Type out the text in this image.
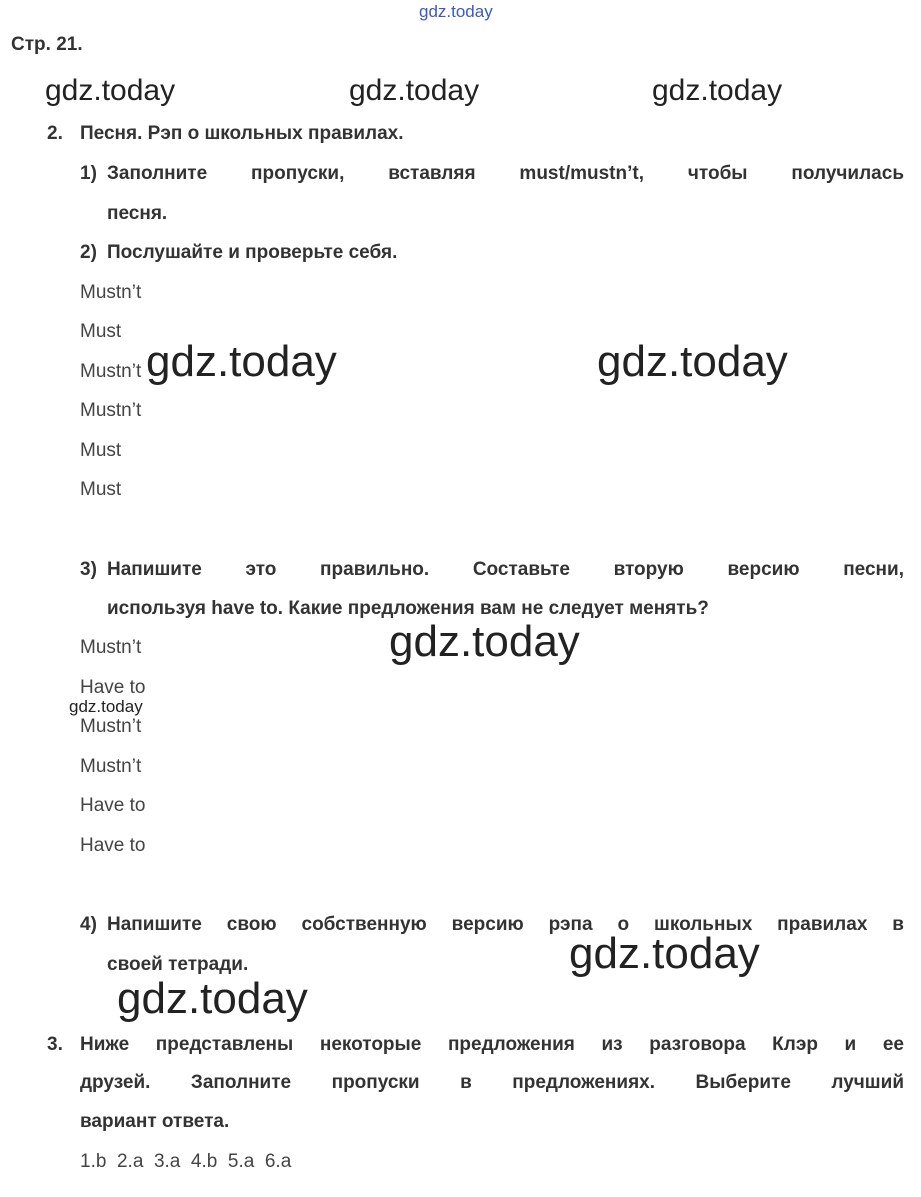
gdz.today
Стр. 21.
gdz.today	gdz.today	gdz.today
2. Песня. Рэп о школьных правилах.
1) Заполните пропуски, вставляя must/mustn’t, чтобы получилась
песня.
2) Послушайте и проверьте себя.
Mustn’t
Must
Mustn’t
Mustn’t
Must
Must
gdz.today	gdz.today
3) Напишите это правильно. Составьте вторую версию песни,
используя have to. Какие предложения вам не следует менять?
Mustn’t
Have to
Mustn’t
Mustn’t
Have to
Have to
gdz.today
gdz.today
4) Напишите свою собственную версию рэпа о школьных правилах в
своей тетради.	gdz.today
gdz.today
3. Ниже представлены некоторые предложения из разговора Клэр и ее
друзей. Заполните пропуски в предложениях. Выберите лучший
вариант ответа.
1.b  2.a  3.a  4.b  5.a  6.a
